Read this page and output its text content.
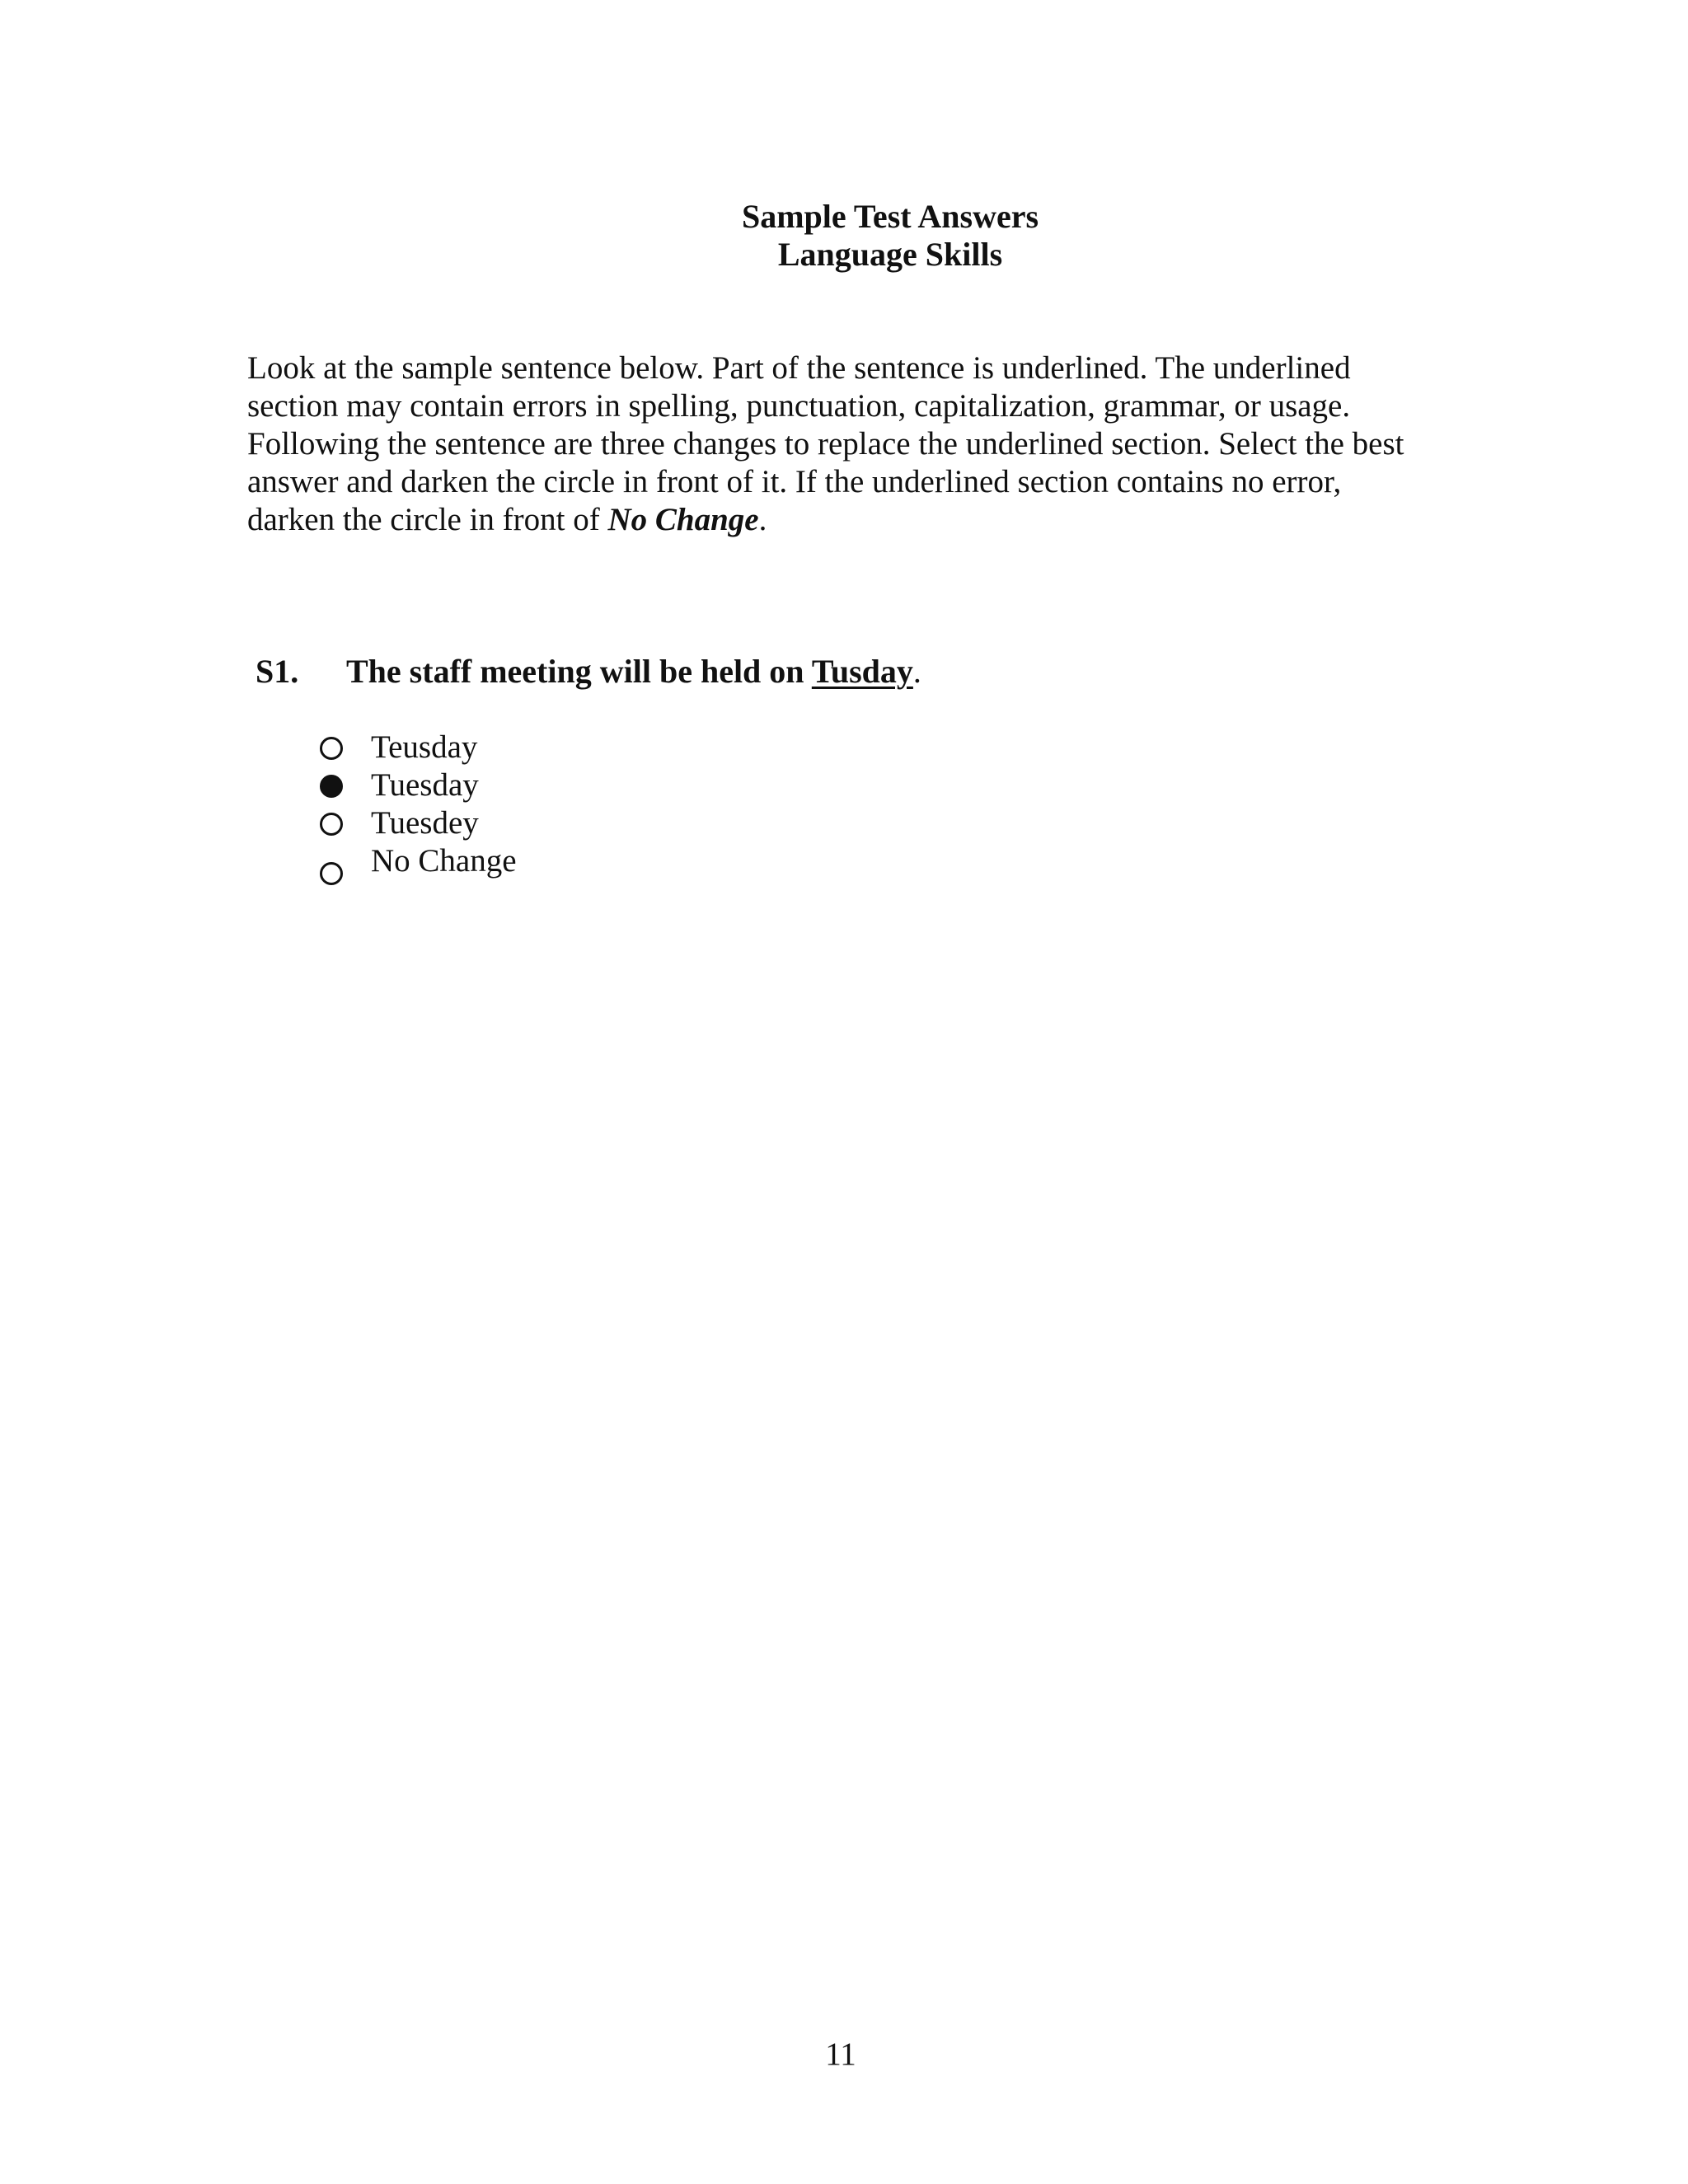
Sample Test Answers
Language Skills
Look at the sample sentence below. Part of the sentence is underlined. The underlined
section may contain errors in spelling, punctuation, capitalization, grammar, or usage.
Following the sentence are three changes to replace the underlined section. Select the best
answer and darken the circle in front of it. If the underlined section contains no error,
darken the circle in front of No Change.
S1. The staff meeting will be held on Tusday.
Teusday
Tuesday
Tuesdey
No Change
11
